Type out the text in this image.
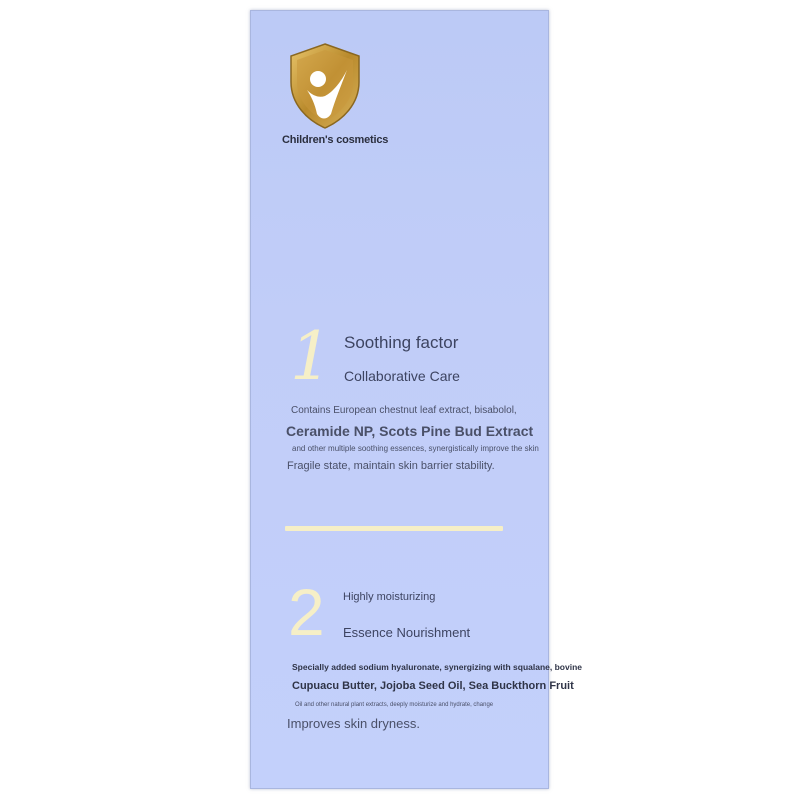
Children's cosmetics
1 Soothing factor
Collaborative Care
Contains European chestnut leaf extract, bisabolol,
Ceramide NP, Scots Pine Bud Extract
and other multiple soothing essences, synergistically improve the skin
Fragile state, maintain skin barrier stability.
2 Highly moisturizing
Essence Nourishment
Specially added sodium hyaluronate, synergizing with squalane, bovine
Cupuacu Butter, Jojoba Seed Oil, Sea Buckthorn Fruit
Oil and other natural plant extracts, deeply moisturize and hydrate, change
Improves skin dryness.
